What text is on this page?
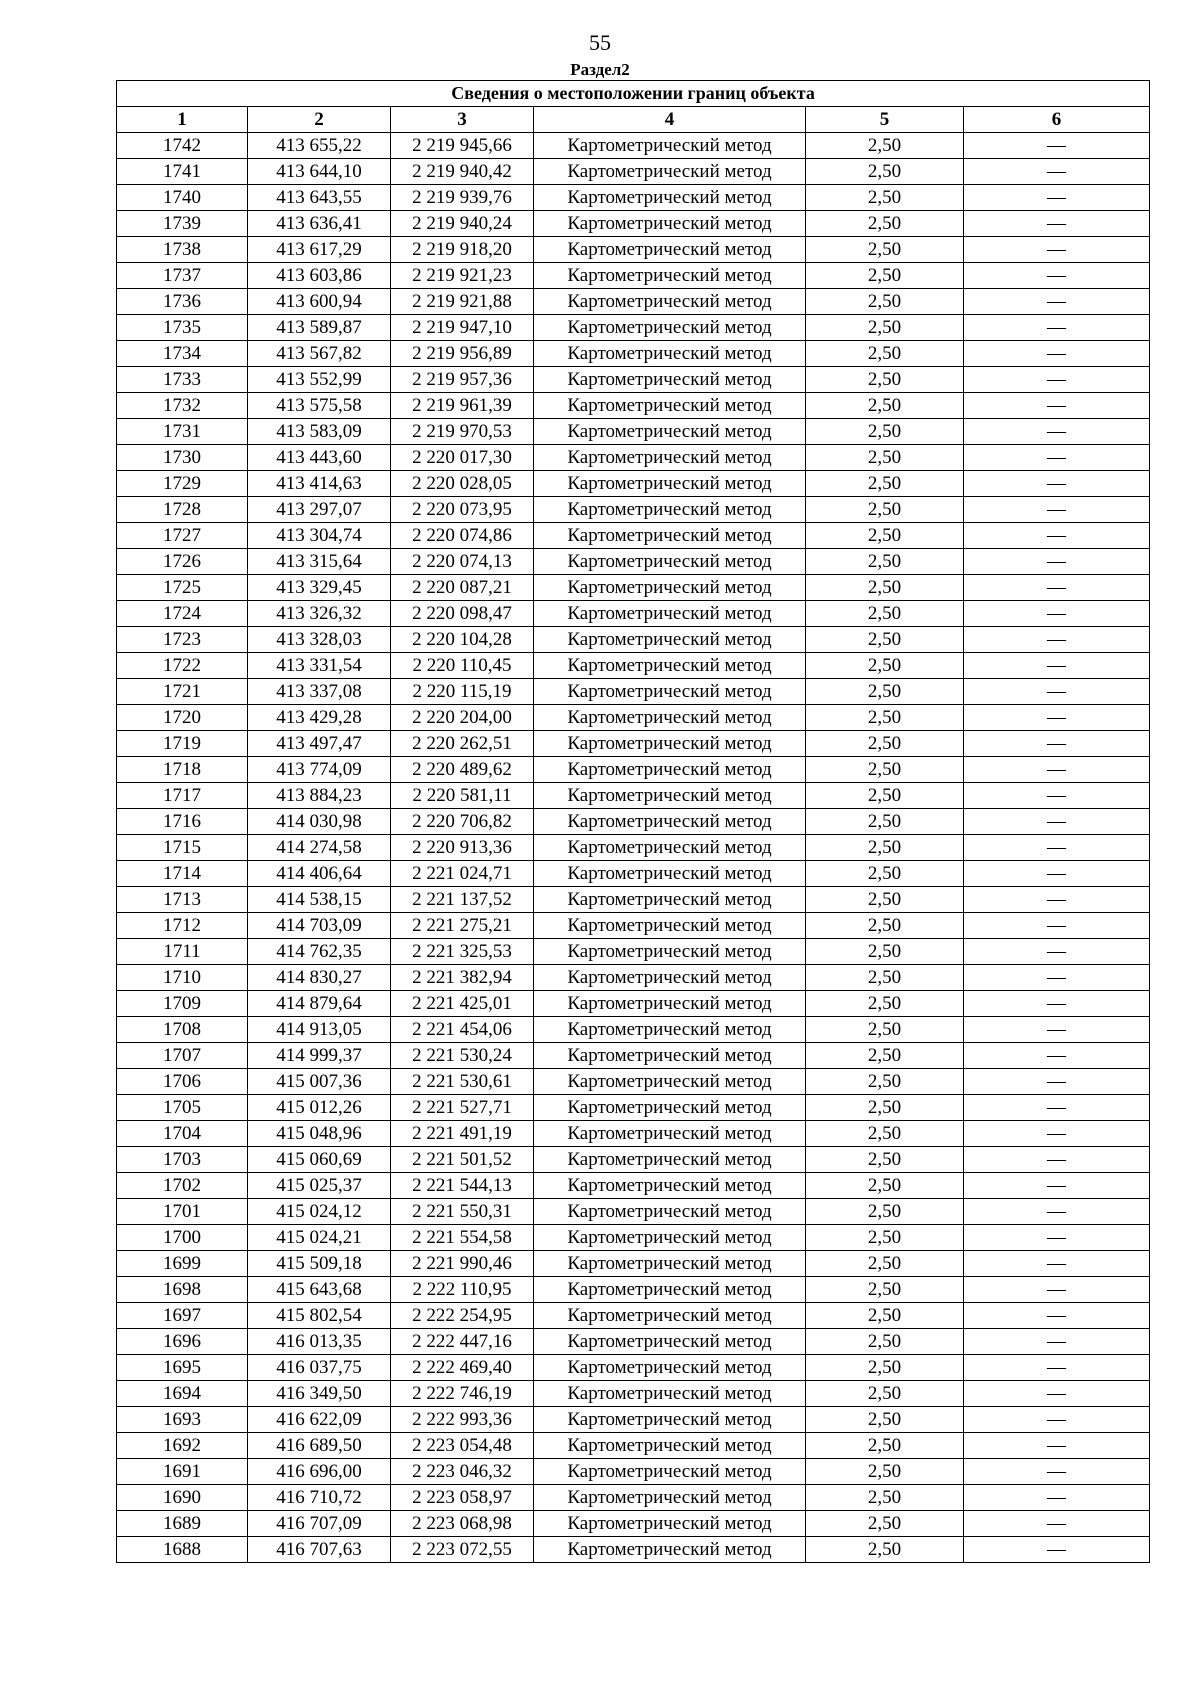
55
Раздел2
Сведения о местоположении границ объекта					
1	2	3	4	5	6
1742	413 655,22	2 219 945,66	Картометрический метод	2,50	—
1741	413 644,10	2 219 940,42	Картометрический метод	2,50	—
1740	413 643,55	2 219 939,76	Картометрический метод	2,50	—
1739	413 636,41	2 219 940,24	Картометрический метод	2,50	—
1738	413 617,29	2 219 918,20	Картометрический метод	2,50	—
1737	413 603,86	2 219 921,23	Картометрический метод	2,50	—
1736	413 600,94	2 219 921,88	Картометрический метод	2,50	—
1735	413 589,87	2 219 947,10	Картометрический метод	2,50	—
1734	413 567,82	2 219 956,89	Картометрический метод	2,50	—
1733	413 552,99	2 219 957,36	Картометрический метод	2,50	—
1732	413 575,58	2 219 961,39	Картометрический метод	2,50	—
1731	413 583,09	2 219 970,53	Картометрический метод	2,50	—
1730	413 443,60	2 220 017,30	Картометрический метод	2,50	—
1729	413 414,63	2 220 028,05	Картометрический метод	2,50	—
1728	413 297,07	2 220 073,95	Картометрический метод	2,50	—
1727	413 304,74	2 220 074,86	Картометрический метод	2,50	—
1726	413 315,64	2 220 074,13	Картометрический метод	2,50	—
1725	413 329,45	2 220 087,21	Картометрический метод	2,50	—
1724	413 326,32	2 220 098,47	Картометрический метод	2,50	—
1723	413 328,03	2 220 104,28	Картометрический метод	2,50	—
1722	413 331,54	2 220 110,45	Картометрический метод	2,50	—
1721	413 337,08	2 220 115,19	Картометрический метод	2,50	—
1720	413 429,28	2 220 204,00	Картометрический метод	2,50	—
1719	413 497,47	2 220 262,51	Картометрический метод	2,50	—
1718	413 774,09	2 220 489,62	Картометрический метод	2,50	—
1717	413 884,23	2 220 581,11	Картометрический метод	2,50	—
1716	414 030,98	2 220 706,82	Картометрический метод	2,50	—
1715	414 274,58	2 220 913,36	Картометрический метод	2,50	—
1714	414 406,64	2 221 024,71	Картометрический метод	2,50	—
1713	414 538,15	2 221 137,52	Картометрический метод	2,50	—
1712	414 703,09	2 221 275,21	Картометрический метод	2,50	—
1711	414 762,35	2 221 325,53	Картометрический метод	2,50	—
1710	414 830,27	2 221 382,94	Картометрический метод	2,50	—
1709	414 879,64	2 221 425,01	Картометрический метод	2,50	—
1708	414 913,05	2 221 454,06	Картометрический метод	2,50	—
1707	414 999,37	2 221 530,24	Картометрический метод	2,50	—
1706	415 007,36	2 221 530,61	Картометрический метод	2,50	—
1705	415 012,26	2 221 527,71	Картометрический метод	2,50	—
1704	415 048,96	2 221 491,19	Картометрический метод	2,50	—
1703	415 060,69	2 221 501,52	Картометрический метод	2,50	—
1702	415 025,37	2 221 544,13	Картометрический метод	2,50	—
1701	415 024,12	2 221 550,31	Картометрический метод	2,50	—
1700	415 024,21	2 221 554,58	Картометрический метод	2,50	—
1699	415 509,18	2 221 990,46	Картометрический метод	2,50	—
1698	415 643,68	2 222 110,95	Картометрический метод	2,50	—
1697	415 802,54	2 222 254,95	Картометрический метод	2,50	—
1696	416 013,35	2 222 447,16	Картометрический метод	2,50	—
1695	416 037,75	2 222 469,40	Картометрический метод	2,50	—
1694	416 349,50	2 222 746,19	Картометрический метод	2,50	—
1693	416 622,09	2 222 993,36	Картометрический метод	2,50	—
1692	416 689,50	2 223 054,48	Картометрический метод	2,50	—
1691	416 696,00	2 223 046,32	Картометрический метод	2,50	—
1690	416 710,72	2 223 058,97	Картометрический метод	2,50	—
1689	416 707,09	2 223 068,98	Картометрический метод	2,50	—
1688	416 707,63	2 223 072,55	Картометрический метод	2,50	—
